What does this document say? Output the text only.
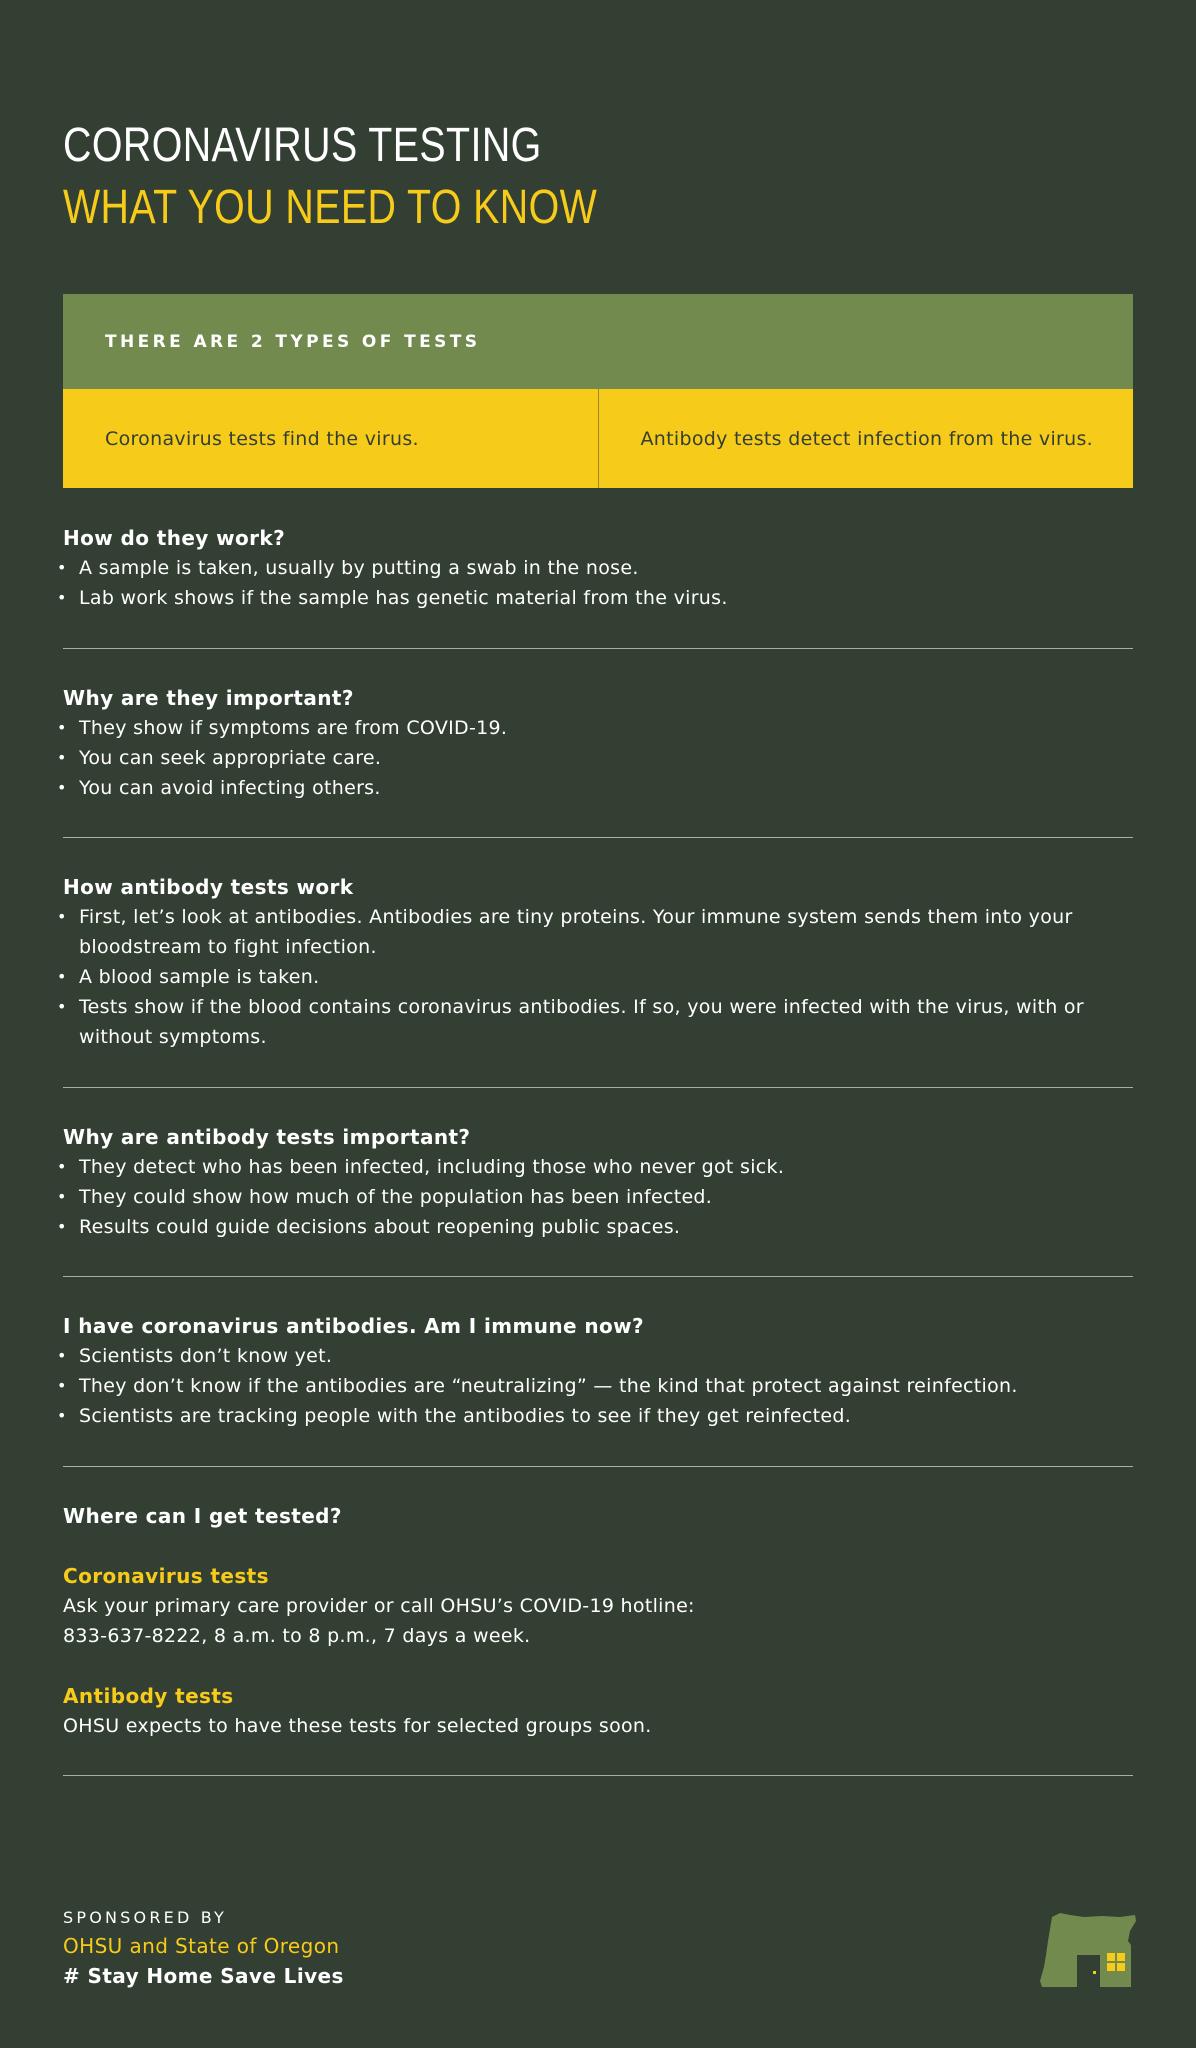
CORONAVIRUS TESTING
WHAT YOU NEED TO KNOW
THERE ARE 2 TYPES OF TESTS
Coronavirus tests find the virus.	Antibody tests detect infection from the virus.
How do they work?
• A sample is taken, usually by putting a swab in the nose.
• Lab work shows if the sample has genetic material from the virus.
Why are they important?
• They show if symptoms are from COVID-19.
• You can seek appropriate care.
• You can avoid infecting others.
How antibody tests work
• First, let’s look at antibodies. Antibodies are tiny proteins. Your immune system sends them into your bloodstream to fight infection.
• A blood sample is taken.
• Tests show if the blood contains coronavirus antibodies. If so, you were infected with the virus, with or without symptoms.
Why are antibody tests important?
• They detect who has been infected, including those who never got sick.
• They could show how much of the population has been infected.
• Results could guide decisions about reopening public spaces.
I have coronavirus antibodies. Am I immune now?
• Scientists don’t know yet.
• They don’t know if the antibodies are “neutralizing” — the kind that protect against reinfection.
• Scientists are tracking people with the antibodies to see if they get reinfected.
Where can I get tested?

Coronavirus tests

Ask your primary care provider or call OHSU’s COVID-19 hotline:

833-637-8222, 8 a.m. to 8 p.m., 7 days a week.

Antibody tests

OHSU expects to have these tests for selected groups soon.

SPONSORED BY
OHSU and State of Oregon
# Stay Home Save Lives
